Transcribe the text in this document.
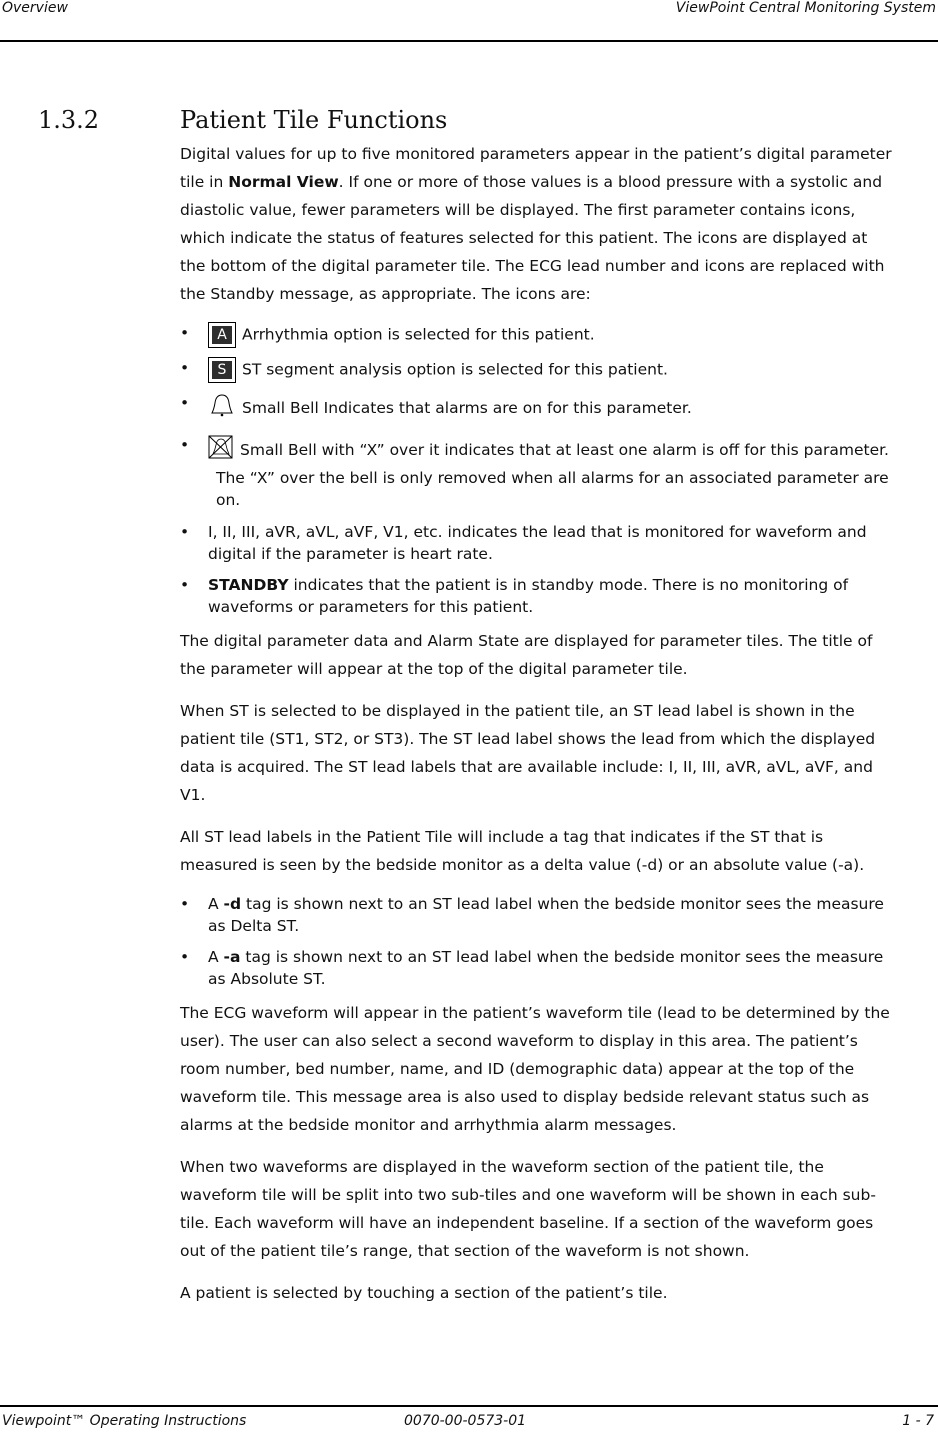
Overview	ViewPoint Central Monitoring System
1.3.2	Patient Tile Functions

Digital values for up to five monitored parameters appear in the patient’s digital parameter tile in Normal View. If one or more of those values is a blood pressure with a systolic and diastolic value, fewer parameters will be displayed. The first parameter contains icons, which indicate the status of features selected for this patient. The icons are displayed at the bottom of the digital parameter tile. The ECG lead number and icons are replaced with the Standby message, as appropriate. The icons are:

•	A Arrhythmia option is selected for this patient.
•	S	ST segment analysis option is selected for this patient.
•	Small Bell Indicates that alarms are on for this parameter.
•	Small Bell with “X” over it indicates that at least one alarm is off for this parameter.
The “X” over the bell is only removed when all alarms for an associated parameter are on.
• I, II, III, aVR, aVL, aVF, V1, etc. indicates the lead that is monitored for waveform and digital if the parameter is heart rate.
• STANDBY indicates that the patient is in standby mode. There is no monitoring of waveforms or parameters for this patient.

The digital parameter data and Alarm State are displayed for parameter tiles. The title of the parameter will appear at the top of the digital parameter tile.

When ST is selected to be displayed in the patient tile, an ST lead label is shown in the patient tile (ST1, ST2, or ST3). The ST lead label shows the lead from which the displayed data is acquired. The ST lead labels that are available include: I, II, III, aVR, aVL, aVF, and V1.

All ST lead labels in the Patient Tile will include a tag that indicates if the ST that is measured is seen by the bedside monitor as a delta value (-d) or an absolute value (-a).

• A -d tag is shown next to an ST lead label when the bedside monitor sees the measure as Delta ST.
• A -a tag is shown next to an ST lead label when the bedside monitor sees the measure as Absolute ST.

The ECG waveform will appear in the patient’s waveform tile (lead to be determined by the user). The user can also select a second waveform to display in this area. The patient’s room number, bed number, name, and ID (demographic data) appear at the top of the waveform tile. This message area is also used to display bedside relevant status such as alarms at the bedside monitor and arrhythmia alarm messages.

When two waveforms are displayed in the waveform section of the patient tile, the waveform tile will be split into two sub-tiles and one waveform will be shown in each sub-tile. Each waveform will have an independent baseline. If a section of the waveform goes out of the patient tile’s range, that section of the waveform is not shown.

A patient is selected by touching a section of the patient’s tile.

Viewpoint™ Operating Instructions	0070-00-0573-01	1 - 7
